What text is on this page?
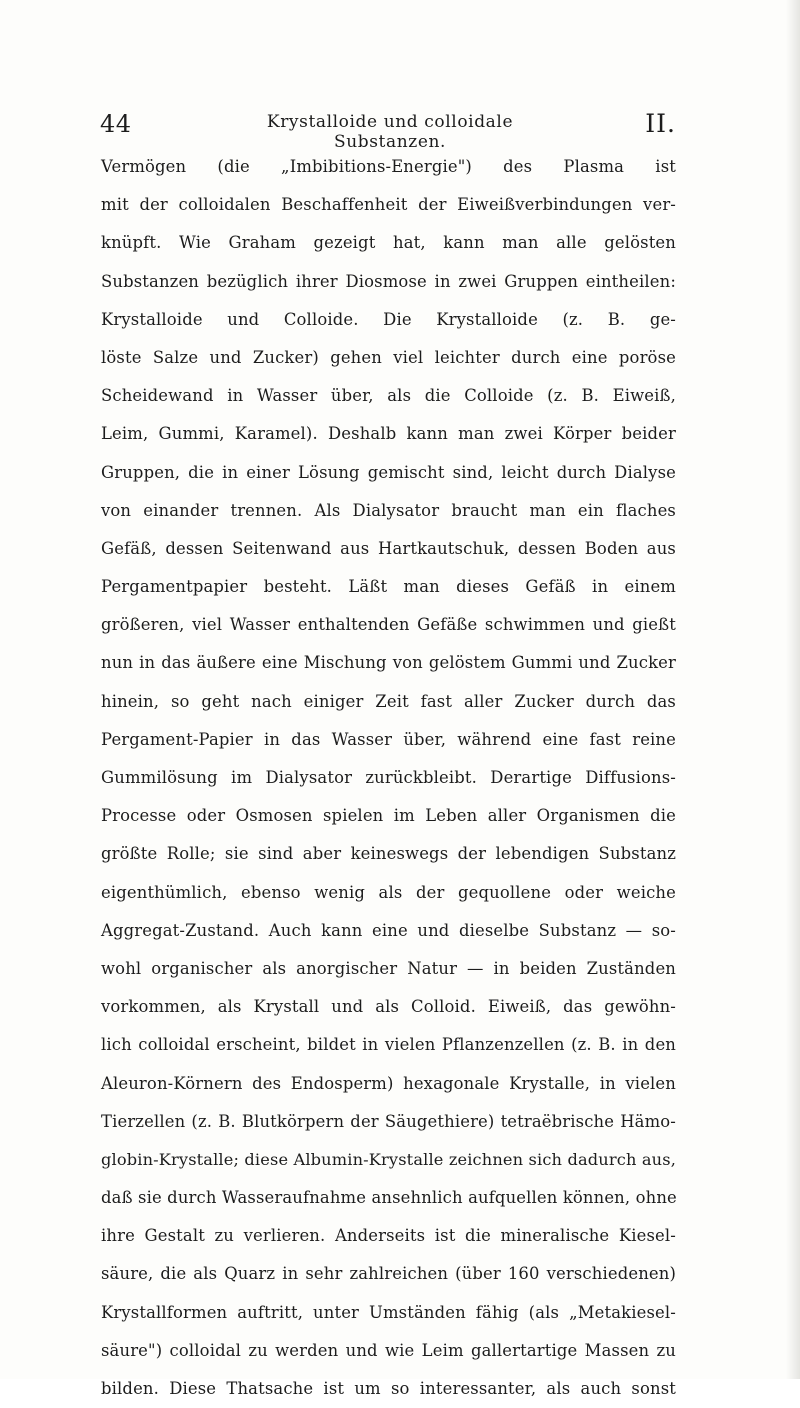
44	Krystalloide und colloidale Substanzen.
II.
Vermögen (die „Imbibitions-Energie") des Plasma ist
mit der colloidalen Beschaffenheit der Eiweißverbindungen ver-
knüpft. Wie Graham gezeigt hat, kann man alle gelösten
Substanzen bezüglich ihrer Diosmose in zwei Gruppen eintheilen:
Krystalloide und Colloide. Die Krystalloide (z. B. ge-
löste Salze und Zucker) gehen viel leichter durch eine poröse
Scheidewand in Wasser über, als die Colloide (z. B. Eiweiß,
Leim, Gummi, Karamel). Deshalb kann man zwei Körper beider
Gruppen, die in einer Lösung gemischt sind, leicht durch Dialyse
von einander trennen. Als Dialysator braucht man ein flaches
Gefäß, dessen Seitenwand aus Hartkautschuk, dessen Boden aus
Pergamentpapier besteht. Läßt man dieses Gefäß in einem
größeren, viel Wasser enthaltenden Gefäße schwimmen und gießt
nun in das äußere eine Mischung von gelöstem Gummi und Zucker
hinein, so geht nach einiger Zeit fast aller Zucker durch das
Pergament-Papier in das Wasser über, während eine fast reine
Gummilösung im Dialysator zurückbleibt. Derartige Diffusions-
Processe oder Osmosen spielen im Leben aller Organismen die
größte Rolle; sie sind aber keineswegs der lebendigen Substanz
eigenthümlich, ebenso wenig als der gequollene oder weiche
Aggregat-Zustand. Auch kann eine und dieselbe Substanz — so-
wohl organischer als anorgischer Natur — in beiden Zuständen
vorkommen, als Krystall und als Colloid. Eiweiß, das gewöhn-
lich colloidal erscheint, bildet in vielen Pflanzenzellen (z. B. in den
Aleuron-Körnern des Endosperm) hexagonale Krystalle, in vielen
Tierzellen (z. B. Blutkörpern der Säugethiere) tetraëbrische Hämo-
globin-Krystalle; diese Albumin-Krystalle zeichnen sich dadurch aus,
daß sie durch Wasseraufnahme ansehnlich aufquellen können, ohne
ihre Gestalt zu verlieren. Anderseits ist die mineralische Kiesel-
säure, die als Quarz in sehr zahlreichen (über 160 verschiedenen)
Krystallformen auftritt, unter Umständen fähig (als „Metakiesel-
säure") colloidal zu werden und wie Leim gallertartige Massen zu
bilden. Diese Thatsache ist um so interessanter, als auch sonst
